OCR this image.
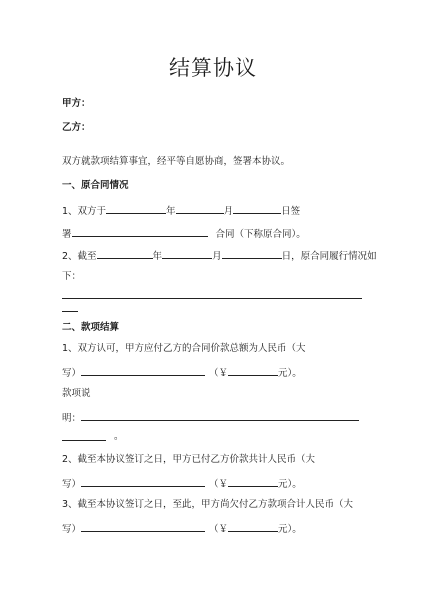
结算协议
甲方：
乙方：
双方就款项结算事宜，经平等自愿协商，签署本协议。
一、原合同情况
1、双方于	年	月	日签
署	合同（下称原合同）。
2、截至	年	月	日，原合同履行情况如
下：
二、款项结算
1、双方认可，甲方应付乙方的合同价款总额为人民币（大
写）	（￥	元）。
款项说
明：
。
2、截至本协议签订之日，甲方已付乙方价款共计人民币（大
写）	（￥	元）。
3、截至本协议签订之日，至此，甲方尚欠付乙方款项合计人民币（大
写）	（￥	元）。
